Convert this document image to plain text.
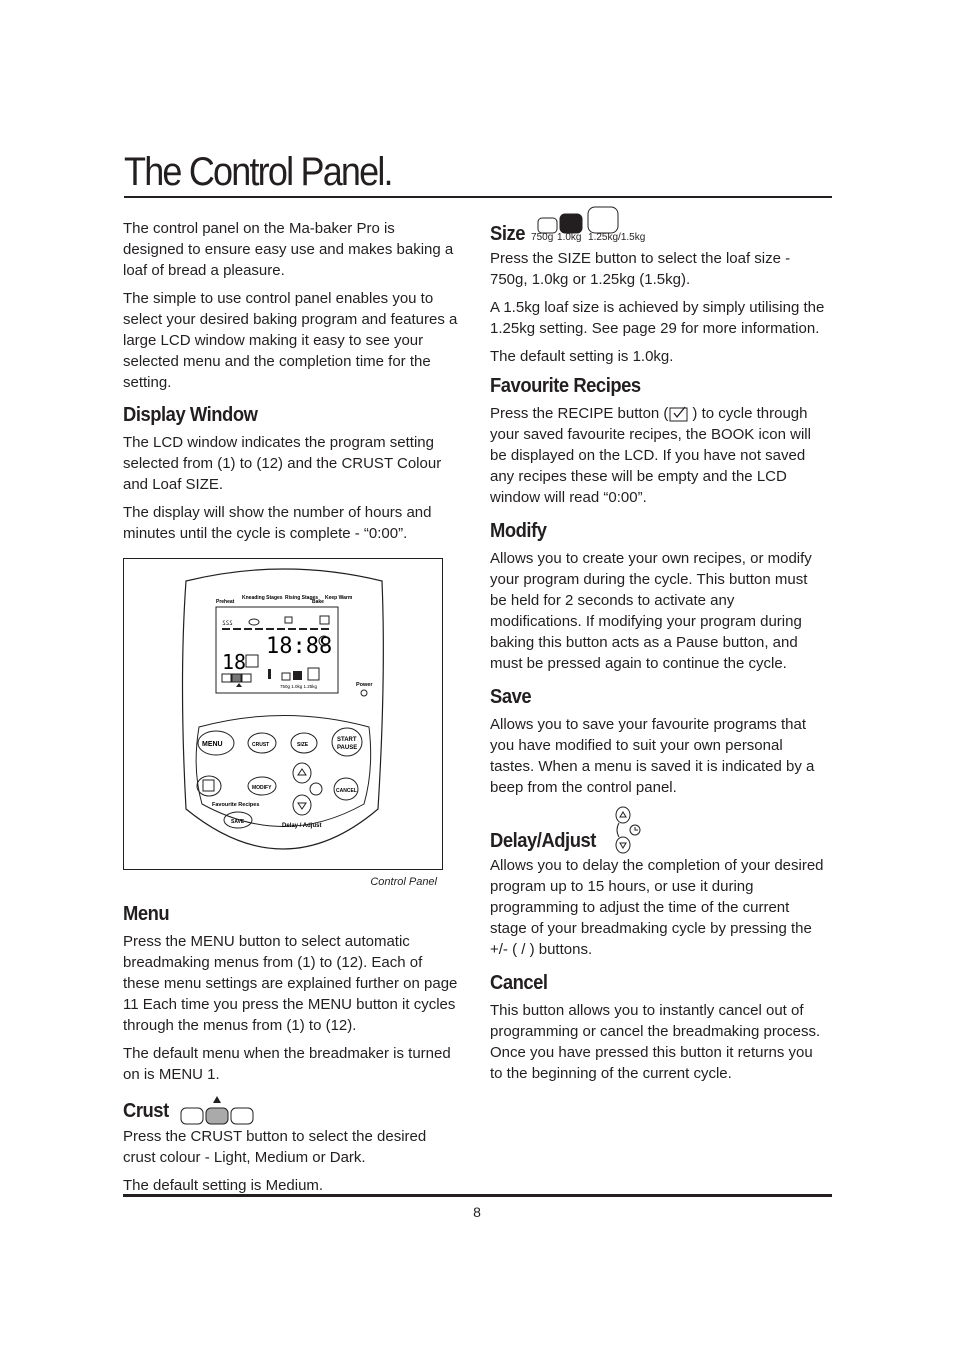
The Control Panel.

The control panel on the Ma-baker Pro is designed to ensure easy use and makes baking a loaf of bread a pleasure.

The simple to use control panel enables you to select your desired baking program and features a large LCD window making it easy to see your selected menu and the completion time for the setting.

Display Window

The LCD window indicates the program setting selected from (1) to (12) and the CRUST Colour and Loaf SIZE.

The display will show the number of hours and minutes until the cycle is complete - “0:00”.

Preheat
Kneading Stages Rising Stages
Bake
Keep Warm
ઽઽઽ
18:88
18
750g 1.0kg 1.25kg	Power
MENU	CRUST	SIZE
START
PAUSE
MODIFY
Favourite Recipes
SAVE
CANCEL
Delay / Adjust
Control Panel
Menu

Press the MENU button to select automatic breadmaking menus from (1) to (12). Each of these menu settings are explained further on page 11 Each time you press the MENU button it cycles through the menus from (1) to (12).

The default menu when the breadmaker is turned on is MENU 1.

Crust

Press the CRUST button to select the desired crust colour - Light, Medium or Dark.

The default setting is Medium.

Size 750g 1.0kg 1.25kg/1.5kg

Press the SIZE button to select the loaf size - 750g, 1.0kg or 1.25kg (1.5kg).

A 1.5kg loaf size is achieved by simply utilising the 1.25kg setting. See page 29 for more information.

The default setting is 1.0kg.

Favourite Recipes

Press the RECIPE button ( ) to cycle through your saved favourite recipes, the BOOK icon will be displayed on the LCD. If you have not saved any recipes these will be empty and the LCD window will read “0:00”.

Modify

Allows you to create your own recipes, or modify your program during the cycle. This button must be held for 2 seconds to activate any modifications. If modifying your program during baking this button acts as a Pause button, and must be pressed again to continue the cycle.

Save

Allows you to save your favourite programs that you have modified to suit your own personal tastes. When a menu is saved it is indicated by a beep from the control panel.

Delay/Adjust

Allows you to delay the completion of your desired program up to 15 hours, or use it during programming to adjust the time of the current stage of your breadmaking cycle by pressing the +/- ( / ) buttons.

Cancel

This button allows you to instantly cancel out of programming or cancel the breadmaking process. Once you have pressed this button it returns you to the beginning of the current cycle.

8
